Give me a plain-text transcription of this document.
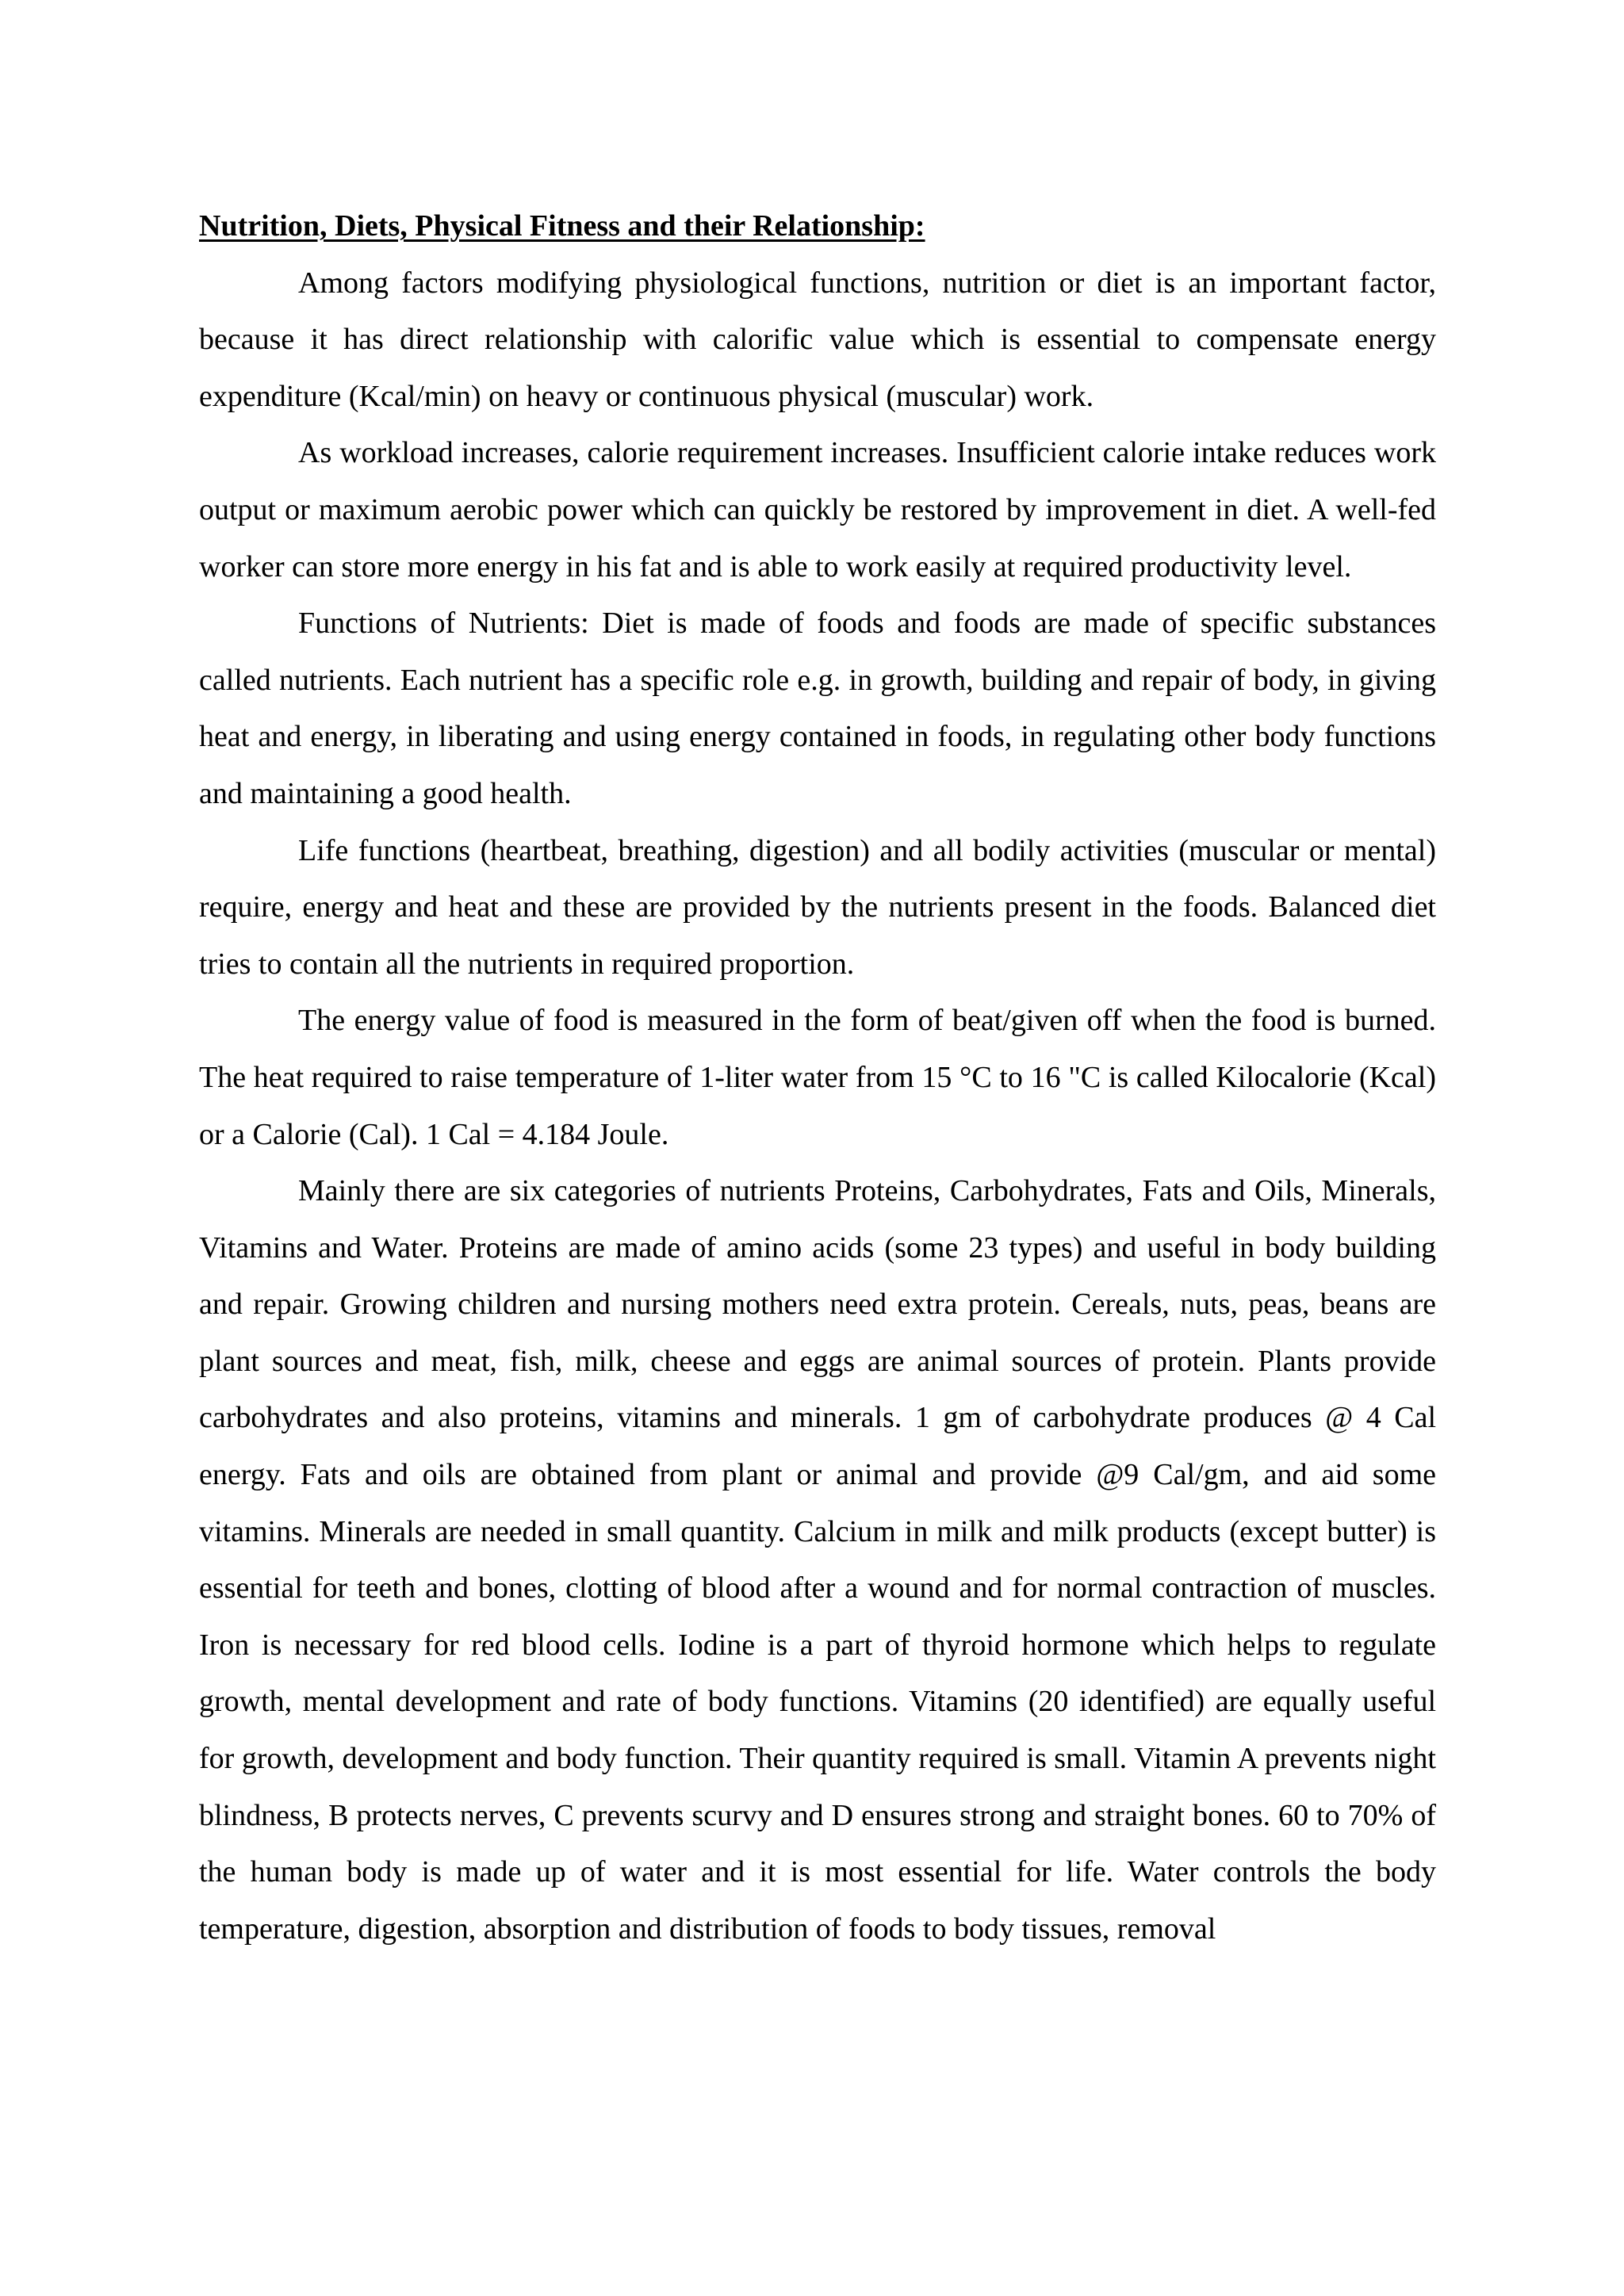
Nutrition, Diets, Physical Fitness and their Relationship:

Among factors modifying physiological functions, nutrition or diet is an important factor, because it has direct relationship with calorific value which is essential to compensate energy expenditure (Kcal/min) on heavy or continuous physical (muscular) work.

As workload increases, calorie requirement increases. Insufficient calorie intake reduces work output or maximum aerobic power which can quickly be restored by improvement in diet. A well-fed worker can store more energy in his fat and is able to work easily at required productivity level.

Functions of Nutrients: Diet is made of foods and foods are made of specific substances called nutrients. Each nutrient has a specific role e.g. in growth, building and repair of body, in giving heat and energy, in liberating and using energy contained in foods, in regulating other body functions and maintaining a good health.

Life functions (heartbeat, breathing, digestion) and all bodily activities (muscular or mental) require, energy and heat and these are provided by the nutrients present in the foods. Balanced diet tries to contain all the nutrients in required proportion.

The energy value of food is measured in the form of beat/given off when the food is burned. The heat required to raise temperature of 1-liter water from 15 °C to 16 "C is called Kilocalorie (Kcal) or a Calorie (Cal). 1 Cal = 4.184 Joule.

Mainly there are six categories of nutrients Proteins, Carbohydrates, Fats and Oils, Minerals, Vitamins and Water. Proteins are made of amino acids (some 23 types) and useful in body building and repair. Growing children and nursing mothers need extra protein. Cereals, nuts, peas, beans are plant sources and meat, fish, milk, cheese and eggs are animal sources of protein. Plants provide carbohydrates and also proteins, vitamins and minerals. 1 gm of carbohydrate produces @ 4 Cal energy. Fats and oils are obtained from plant or animal and provide @9 Cal/gm, and aid some vitamins. Minerals are needed in small quantity. Calcium in milk and milk products (except butter) is essential for teeth and bones, clotting of blood after a wound and for normal contraction of muscles. Iron is necessary for red blood cells. Iodine is a part of thyroid hormone which helps to regulate growth, mental development and rate of body functions. Vitamins (20 identified) are equally useful for growth, development and body function. Their quantity required is small. Vitamin A prevents night blindness, B protects nerves, C prevents scurvy and D ensures strong and straight bones. 60 to 70% of the human body is made up of water and it is most essential for life. Water controls the body temperature, digestion, absorption and distribution of foods to body tissues, removal
